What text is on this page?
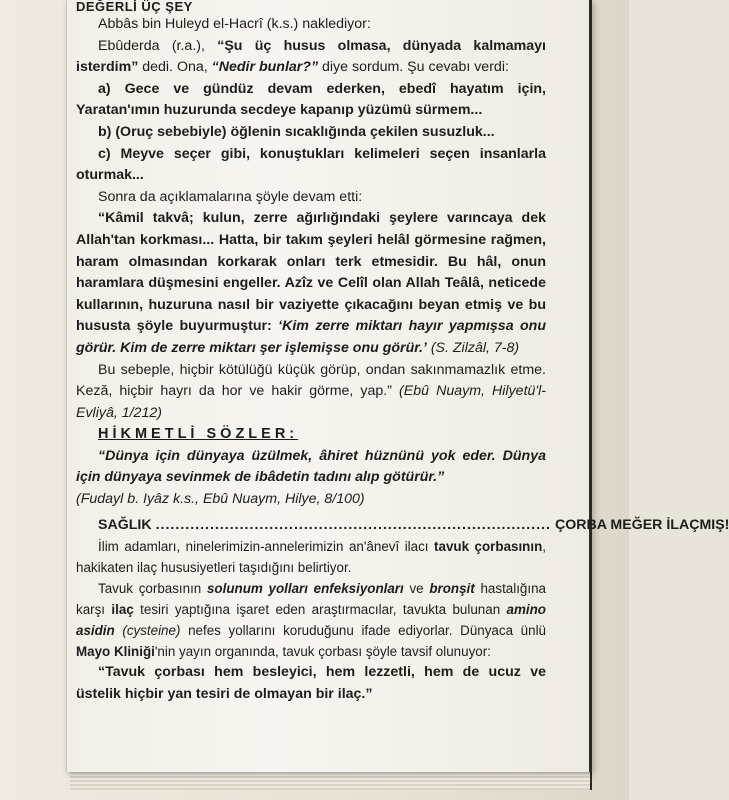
DEĞERLİ ÜÇ ŞEY

Abbâs bin Huleyd el-Hacrî (k.s.) naklediyor:

Ebûderda (r.a.), “Şu üç husus olmasa, dünyada kalmamayı isterdim” dedi. Ona, “Nedir bunlar?” diye sordum. Şu cevabı verdi:

a) Gece ve gündüz devam ederken, ebedî hayatım için, Yaratan'ımın huzurunda secdeye kapanıp yüzümü sürmem...

b) (Oruç sebebiyle) öğlenin sıcaklığında çekilen susuzluk...

c) Meyve seçer gibi, konuştukları kelimeleri seçen insanlarla oturmak...

Sonra da açıklamalarına şöyle devam etti:

“Kâmil takvâ; kulun, zerre ağırlığındaki şeylere varıncaya dek Allah'tan korkması... Hatta, bir takım şeyleri helâl görmesine rağmen, haram olmasından korkarak onları terk etmesidir. Bu hâl, onun haramlara düşmesini engeller. Azîz ve Celîl olan Allah Teâlâ, neticede kullarının, huzuruna nasıl bir vaziyette çıkacağını beyan etmiş ve bu hususta şöyle buyurmuştur: ‘Kim zerre miktarı hayır yapmışsa onu görür. Kim de zerre miktarı şer işlemişse onu görür.’ (S. Zilzâl, 7-8)

Bu sebeple, hiçbir kötülüğü küçük görüp, ondan sakınmamazlık etme. Keză, hiçbir hayrı da hor ve hakir görme, yap.” (Ebû Nuaym, Hilyetü'l-Evliyâ, 1/212)

HİKMETLİ SÖZLER:

“Dünya için dünyaya üzülmek, âhiret hüznünü yok eder. Dünya için dünyaya sevinmek de ibâdetin tadını alıp götürür.”

(Fudayl b. Iyâz k.s., Ebû Nuaym, Hilye, 8/100)

SAĞLIK ................................................................................ ÇORBA MEĞER İLAÇMIŞ!

İlim adamları, ninelerimizin-annelerimizin an'ânevî ilacı tavuk çorbasının, hakikaten ilaç hususiyetleri taşıdığını belirtiyor.

Tavuk çorbasının solunum yolları enfeksiyonları ve bronşit hastalığına karşı ilaç tesiri yaptığına işaret eden araştırmacılar, tavukta bulunan amino asidin (cysteine) nefes yollarını koruduğunu ifade ediyorlar. Dünyaca ünlü Mayo Kliniği'nin yayın organında, tavuk çorbası şöyle tavsif olunuyor:

“Tavuk çorbası hem besleyici, hem lezzetli, hem de ucuz ve üstelik hiçbir yan tesiri de olmayan bir ilaç.”
